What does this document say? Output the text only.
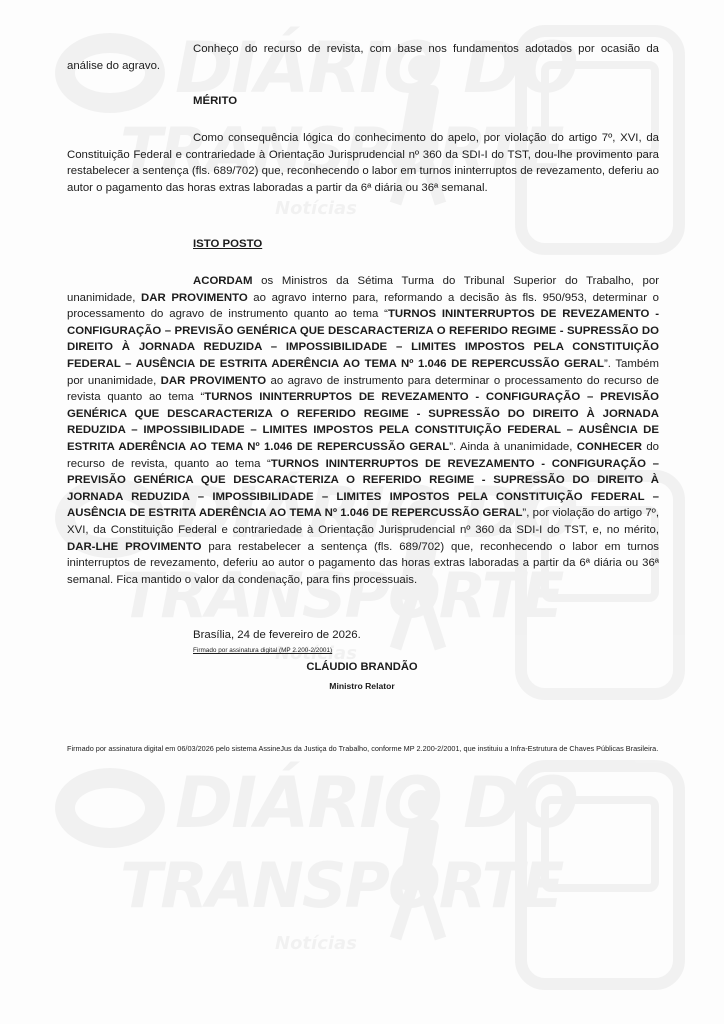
Conheço do recurso de revista, com base nos fundamentos adotados por ocasião da análise do agravo.

MÉRITO

Como consequência lógica do conhecimento do apelo, por violação do artigo 7º, XVI, da Constituição Federal e contrariedade à Orientação Jurisprudencial nº 360 da SDI-I do TST, dou-lhe provimento para restabelecer a sentença (fls. 689/702) que, reconhecendo o labor em turnos ininterruptos de revezamento, deferiu ao autor o pagamento das horas extras laboradas a partir da 6ª diária ou 36ª semanal.

ISTO POSTO

ACORDAM os Ministros da Sétima Turma do Tribunal Superior do Trabalho, por unanimidade, DAR PROVIMENTO ao agravo interno para, reformando a decisão às fls. 950/953, determinar o processamento do agravo de instrumento quanto ao tema “TURNOS ININTERRUPTOS DE REVEZAMENTO - CONFIGURAÇÃO – PREVISÃO GENÉRICA QUE DESCARACTERIZA O REFERIDO REGIME - SUPRESSÃO DO DIREITO À JORNADA REDUZIDA – IMPOSSIBILIDADE – LIMITES IMPOSTOS PELA CONSTITUIÇÃO FEDERAL – AUSÊNCIA DE ESTRITA ADERÊNCIA AO TEMA Nº 1.046 DE REPERCUSSÃO GERAL”. Também por unanimidade, DAR PROVIMENTO ao agravo de instrumento para determinar o processamento do recurso de revista quanto ao tema “TURNOS ININTERRUPTOS DE REVEZAMENTO - CONFIGURAÇÃO – PREVISÃO GENÉRICA QUE DESCARACTERIZA O REFERIDO REGIME - SUPRESSÃO DO DIREITO À JORNADA REDUZIDA – IMPOSSIBILIDADE – LIMITES IMPOSTOS PELA CONSTITUIÇÃO FEDERAL – AUSÊNCIA DE ESTRITA ADERÊNCIA AO TEMA Nº 1.046 DE REPERCUSSÃO GERAL”. Ainda à unanimidade, CONHECER do recurso de revista, quanto ao tema “TURNOS ININTERRUPTOS DE REVEZAMENTO - CONFIGURAÇÃO – PREVISÃO GENÉRICA QUE DESCARACTERIZA O REFERIDO REGIME - SUPRESSÃO DO DIREITO À JORNADA REDUZIDA – IMPOSSIBILIDADE – LIMITES IMPOSTOS PELA CONSTITUIÇÃO FEDERAL – AUSÊNCIA DE ESTRITA ADERÊNCIA AO TEMA Nº 1.046 DE REPERCUSSÃO GERAL”, por violação do artigo 7º, XVI, da Constituição Federal e contrariedade à Orientação Jurisprudencial nº 360 da SDI-I do TST, e, no mérito, DAR-LHE PROVIMENTO para restabelecer a sentença (fls. 689/702) que, reconhecendo o labor em turnos ininterruptos de revezamento, deferiu ao autor o pagamento das horas extras laboradas a partir da 6ª diária ou 36ª semanal. Fica mantido o valor da condenação, para fins processuais.

Brasília, 24 de fevereiro de 2026.
Firmado por assinatura digital (MP 2.200-2/2001)
CLÁUDIO BRANDÃO
Ministro Relator
Firmado por assinatura digital em 06/03/2026 pelo sistema AssineJus da Justiça do Trabalho, conforme MP 2.200-2/2001, que instituiu a Infra-Estrutura de Chaves Públicas Brasileira.
